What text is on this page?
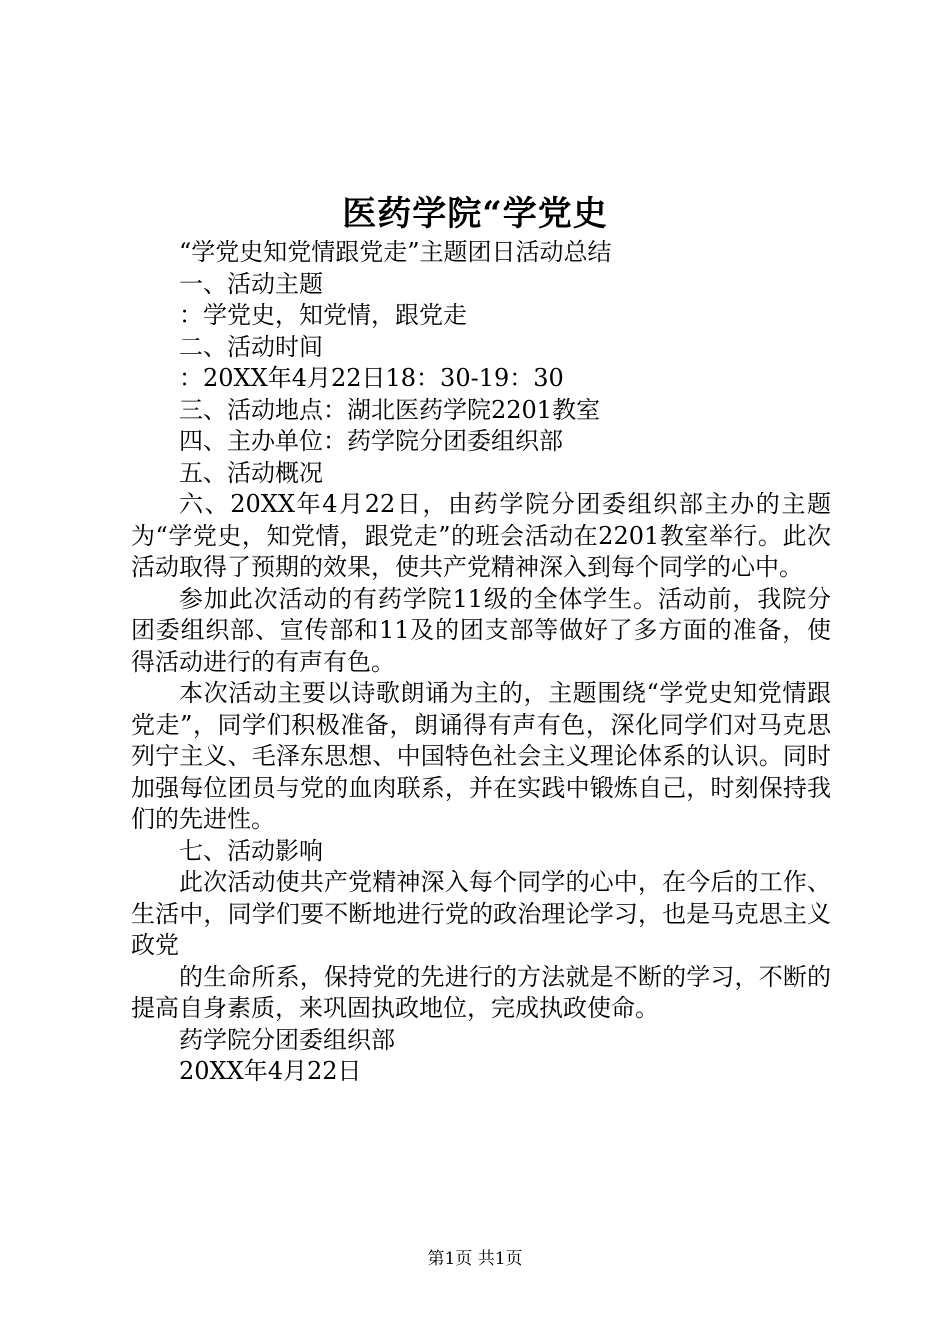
医药学院“学党史

“学党史知党情跟党走”主题团日活动总结

一、活动主题

：学党史，知党情，跟党走

二、活动时间

：20XX年4月22日18：30-19：30

三、活动地点：湖北医药学院2201教室

四、主办单位：药学院分团委组织部

五、活动概况

六、20XX年4月22日，由药学院分团委组织部主办的主题为“学党史，知党情，跟党走”的班会活动在2201教室举行。此次活动取得了预期的效果，使共产党精神深入到每个同学的心中。

参加此次活动的有药学院11级的全体学生。活动前，我院分团委组织部、宣传部和11及的团支部等做好了多方面的准备，使得活动进行的有声有色。

本次活动主要以诗歌朗诵为主的，主题围绕“学党史知党情跟党走”，同学们积极准备，朗诵得有声有色，深化同学们对马克思列宁主义、毛泽东思想、中国特色社会主义理论体系的认识。同时加强每位团员与党的血肉联系，并在实践中锻炼自己，时刻保持我们的先进性。

七、活动影响

此次活动使共产党精神深入每个同学的心中，在今后的工作、生活中，同学们要不断地进行党的政治理论学习，也是马克思主义政党

的生命所系，保持党的先进行的方法就是不断的学习，不断的提高自身素质，来巩固执政地位，完成执政使命。

药学院分团委组织部

20XX年4月22日

第1页 共1页
